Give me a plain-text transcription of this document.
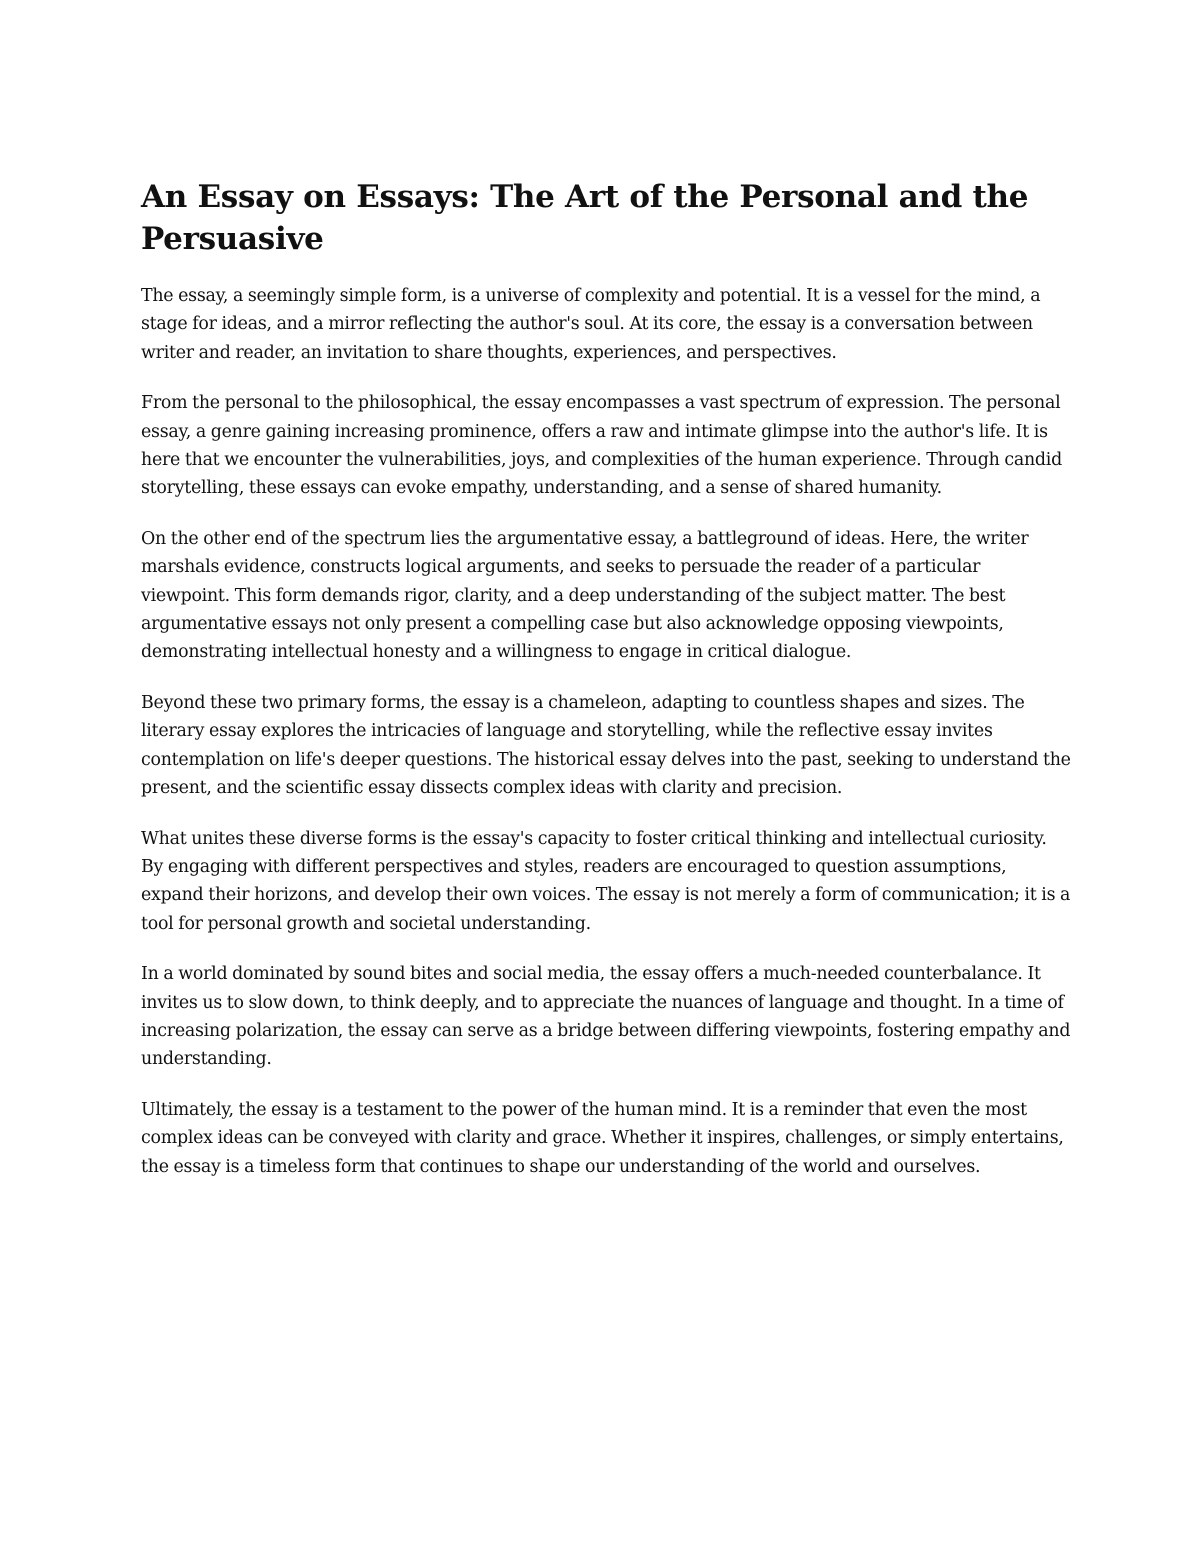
An Essay on Essays: The Art of the Personal and the Persuasive

The essay, a seemingly simple form, is a universe of complexity and potential. It is a vessel for the mind, a stage for ideas, and a mirror reflecting the author's soul. At its core, the essay is a conversation between writer and reader, an invitation to share thoughts, experiences, and perspectives.

From the personal to the philosophical, the essay encompasses a vast spectrum of expression. The personal essay, a genre gaining increasing prominence, offers a raw and intimate glimpse into the author's life. It is here that we encounter the vulnerabilities, joys, and complexities of the human experience. Through candid storytelling, these essays can evoke empathy, understanding, and a sense of shared humanity.

On the other end of the spectrum lies the argumentative essay, a battleground of ideas. Here, the writer marshals evidence, constructs logical arguments, and seeks to persuade the reader of a particular viewpoint. This form demands rigor, clarity, and a deep understanding of the subject matter. The best argumentative essays not only present a compelling case but also acknowledge opposing viewpoints, demonstrating intellectual honesty and a willingness to engage in critical dialogue.

Beyond these two primary forms, the essay is a chameleon, adapting to countless shapes and sizes. The literary essay explores the intricacies of language and storytelling, while the reflective essay invites contemplation on life's deeper questions. The historical essay delves into the past, seeking to understand the present, and the scientific essay dissects complex ideas with clarity and precision.

What unites these diverse forms is the essay's capacity to foster critical thinking and intellectual curiosity. By engaging with different perspectives and styles, readers are encouraged to question assumptions, expand their horizons, and develop their own voices. The essay is not merely a form of communication; it is a tool for personal growth and societal understanding.

In a world dominated by sound bites and social media, the essay offers a much-needed counterbalance. It invites us to slow down, to think deeply, and to appreciate the nuances of language and thought. In a time of increasing polarization, the essay can serve as a bridge between differing viewpoints, fostering empathy and understanding.

Ultimately, the essay is a testament to the power of the human mind. It is a reminder that even the most complex ideas can be conveyed with clarity and grace. Whether it inspires, challenges, or simply entertains, the essay is a timeless form that continues to shape our understanding of the world and ourselves.
